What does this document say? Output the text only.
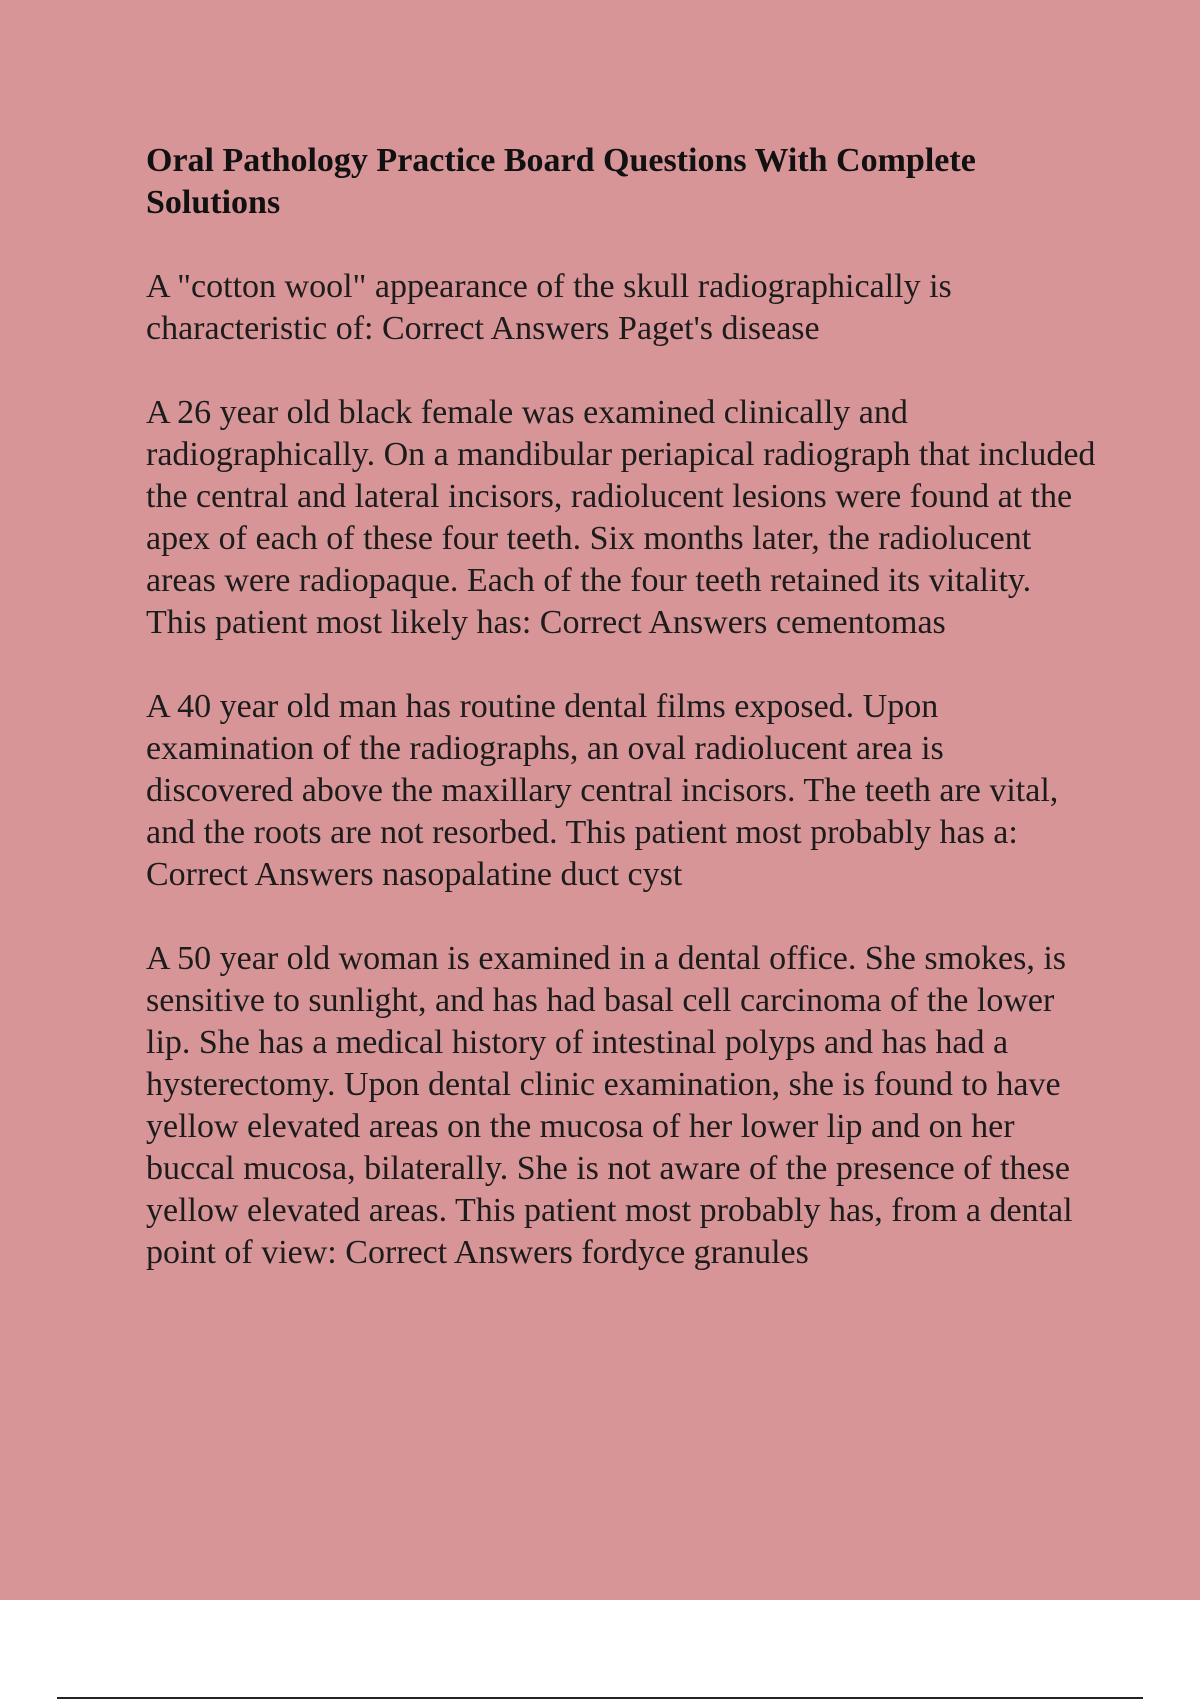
Oral Pathology Practice Board Questions With Complete Solutions
A "cotton wool" appearance of the skull radiographically is characteristic of: Correct Answers Paget's disease
A 26 year old black female was examined clinically and radiographically. On a mandibular periapical radiograph that included the central and lateral incisors, radiolucent lesions were found at the apex of each of these four teeth. Six months later, the radiolucent areas were radiopaque. Each of the four teeth retained its vitality. This patient most likely has: Correct Answers cementomas
A 40 year old man has routine dental films exposed. Upon examination of the radiographs, an oval radiolucent area is discovered above the maxillary central incisors. The teeth are vital, and the roots are not resorbed. This patient most probably has a: Correct Answers nasopalatine duct cyst
A 50 year old woman is examined in a dental office. She smokes, is sensitive to sunlight, and has had basal cell carcinoma of the lower lip. She has a medical history of intestinal polyps and has had a hysterectomy. Upon dental clinic examination, she is found to have yellow elevated areas on the mucosa of her lower lip and on her buccal mucosa, bilaterally. She is not aware of the presence of these yellow elevated areas. This patient most probably has, from a dental point of view: Correct Answers fordyce granules
